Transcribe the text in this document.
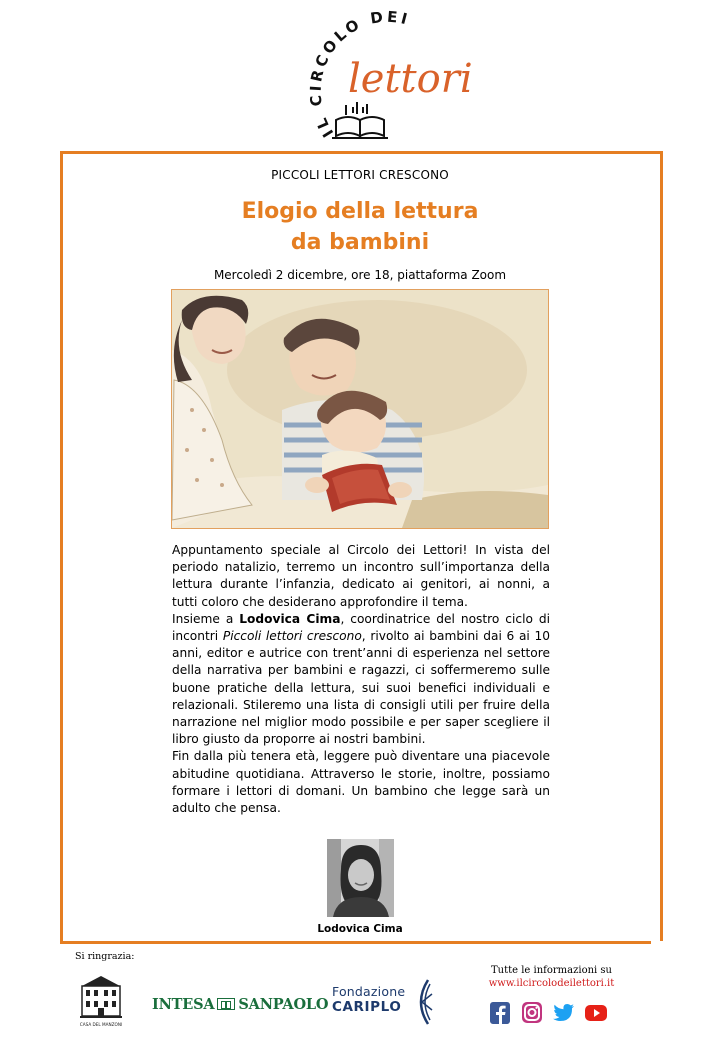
IL CIRCOLO DEI
lettori
PICCOLI LETTORI CRESCONO
Elogio della lettura
da bambini
Mercoledì 2 dicembre, ore 18, piattaforma Zoom

Appuntamento speciale al Circolo dei Lettori! In vista del periodo natalizio, terremo un incontro sull’importanza della lettura durante l’infanzia, dedicato ai genitori, ai nonni, a tutti coloro che desiderano approfondire il tema.

Insieme a Lodovica Cima, coordinatrice del nostro ciclo di incontri Piccoli lettori crescono, rivolto ai bambini dai 6 ai 10 anni, editor e autrice con trent’anni di esperienza nel settore della narrativa per bambini e ragazzi, ci soffermeremo sulle buone pratiche della lettura, sui suoi benefici individuali e relazionali. Stileremo una lista di consigli utili per fruire della narrazione nel miglior modo possibile e per saper scegliere il libro giusto da proporre ai nostri bambini.

Fin dalla più tenera età, leggere può diventare una piacevole abitudine quotidiana. Attraverso le storie, inoltre, possiamo formare i lettori di domani. Un bambino che legge sarà un adulto che pensa.

Lodovica Cima
Si ringrazia:
CASA DEL MANZONI
INTESA SANPAOLO
Fondazione
CARIPLO
Tutte le informazioni su
www.ilcircolodeilettori.it
